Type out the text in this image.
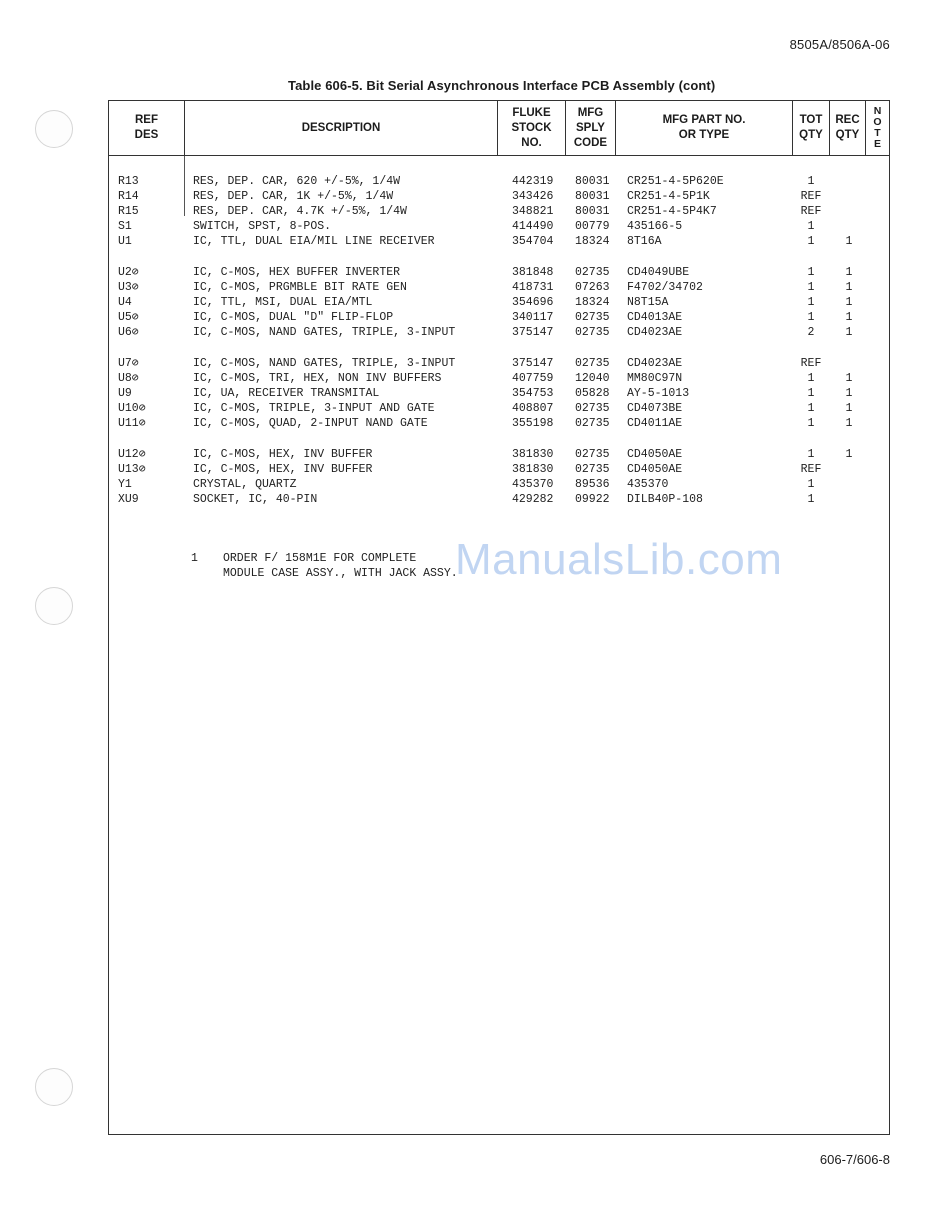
8505A/8506A-06
Table 606-5. Bit Serial Asynchronous Interface PCB Assembly (cont)
REF
DES
DESCRIPTION
FLUKE
STOCK
NO.
MFG
SPLY
CODE
MFG PART NO.
OR TYPE
TOT
QTY
REC
QTY
N
O
T
E
R13	RES, DEP. CAR, 620 +/-5%, 1/4W	442319 80031 CR251-4-5P620E	1
R14	RES, DEP. CAR, 1K +/-5%, 1/4W	343426 80031 CR251-4-5P1K	REF
R15	RES, DEP. CAR, 4.7K +/-5%, 1/4W	348821 80031 CR251-4-5P4K7	REF
S1	SWITCH, SPST, 8-POS.	414490 00779 435166-5	1
U1	IC, TTL, DUAL EIA/MIL LINE RECEIVER	354704 18324 8T16A	1	1
U2⊘	IC, C-MOS, HEX BUFFER INVERTER	381848 02735 CD4049UBE	1	1
U3⊘	IC, C-MOS, PRGMBLE BIT RATE GEN	418731 07263 F4702/34702	1	1
U4	IC, TTL, MSI, DUAL EIA/MTL	354696 18324 N8T15A	1	1
U5⊘	IC, C-MOS, DUAL "D" FLIP-FLOP	340117 02735 CD4013AE	1	1
U6⊘	IC, C-MOS, NAND GATES, TRIPLE, 3-INPUT	375147 02735 CD4023AE	2	1
U7⊘	IC, C-MOS, NAND GATES, TRIPLE, 3-INPUT	375147 02735 CD4023AE	REF
U8⊘	IC, C-MOS, TRI, HEX, NON INV BUFFERS	407759 12040 MM80C97N	1	1
U9	IC, UA, RECEIVER TRANSMITAL	354753 05828 AY-5-1013	1	1
U10⊘	IC, C-MOS, TRIPLE, 3-INPUT AND GATE	408807 02735 CD4073BE	1	1
U11⊘	IC, C-MOS, QUAD, 2-INPUT NAND GATE	355198 02735 CD4011AE	1	1
U12⊘	IC, C-MOS, HEX, INV BUFFER	381830 02735 CD4050AE	1	1
U13⊘	IC, C-MOS, HEX, INV BUFFER	381830 02735 CD4050AE	REF
Y1	CRYSTAL, QUARTZ	435370 89536 435370	1
XU9	SOCKET, IC, 40-PIN	429282 09922 DILB40P-108	1
1 ORDER F/ 158M1E FOR COMPLETE
MODULE CASE ASSY., WITH JACK ASSY.
ManualsLib.com
606-7/606-8
